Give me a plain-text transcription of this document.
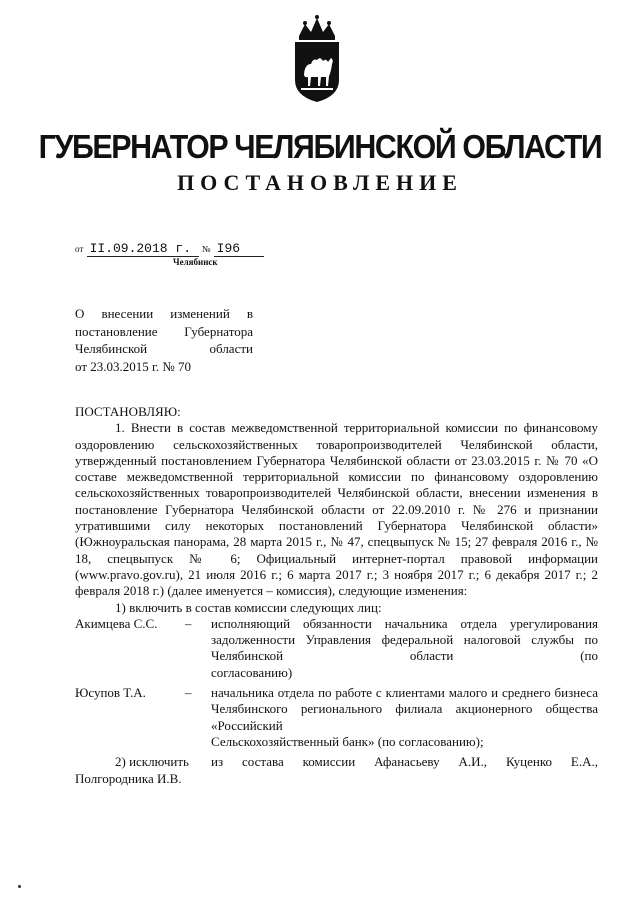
ГУБЕРНАТОР ЧЕЛЯБИНСКОЙ ОБЛАСТИ
ПОСТАНОВЛЕНИЕ
от II.09.2018 г. № I96
Челябинск
О внесении изменений в
постановление Губернатора
Челябинской области
от 23.03.2015 г. № 70

ПОСТАНОВЛЯЮ:

1. Внести в состав межведомственной территориальной комиссии по финансовому оздоровлению сельскохозяйственных товаропроизводителей Челябинской области, утвержденный постановлением Губернатора Челябинской области от 23.03.2015 г. № 70 «О составе межведомственной территориальной комиссии по финансовому оздоровлению сельскохозяйственных товаропроизводителей Челябинской области, внесении изменения в постановление Губернатора Челябинской области от 22.09.2010 г. № 276 и признании утратившими силу некоторых постановлений Губернатора Челябинской области» (Южноуральская панорама, 28 марта 2015 г., № 47, спецвыпуск № 15; 27 февраля 2016 г., № 18, спецвыпуск № 6; Официальный интернет-портал правовой информации (www.pravo.gov.ru), 21 июля 2016 г.; 6 марта 2017 г.; 3 ноября 2017 г.; 6 декабря 2017 г.; 2 февраля 2018 г.) (далее именуется – комиссия), следующие изменения:

1) включить в состав комиссии следующих лиц:

Акимцева С.С.	–	исполняющий обязанности начальника отдела урегулирования задолженности Управления федеральной налоговой службы по Челябинской области (по
согласованию)
Юсупов Т.А.	–	начальника отдела по работе с клиентами малого и среднего бизнеса Челябинского регионального филиала акционерного общества «Российский
Сельскохозяйственный банк» (по согласованию);
2) исключить	из состава комиссии Афанасьеву А.И., Куценко Е.А.,

Полгородника И.В.
